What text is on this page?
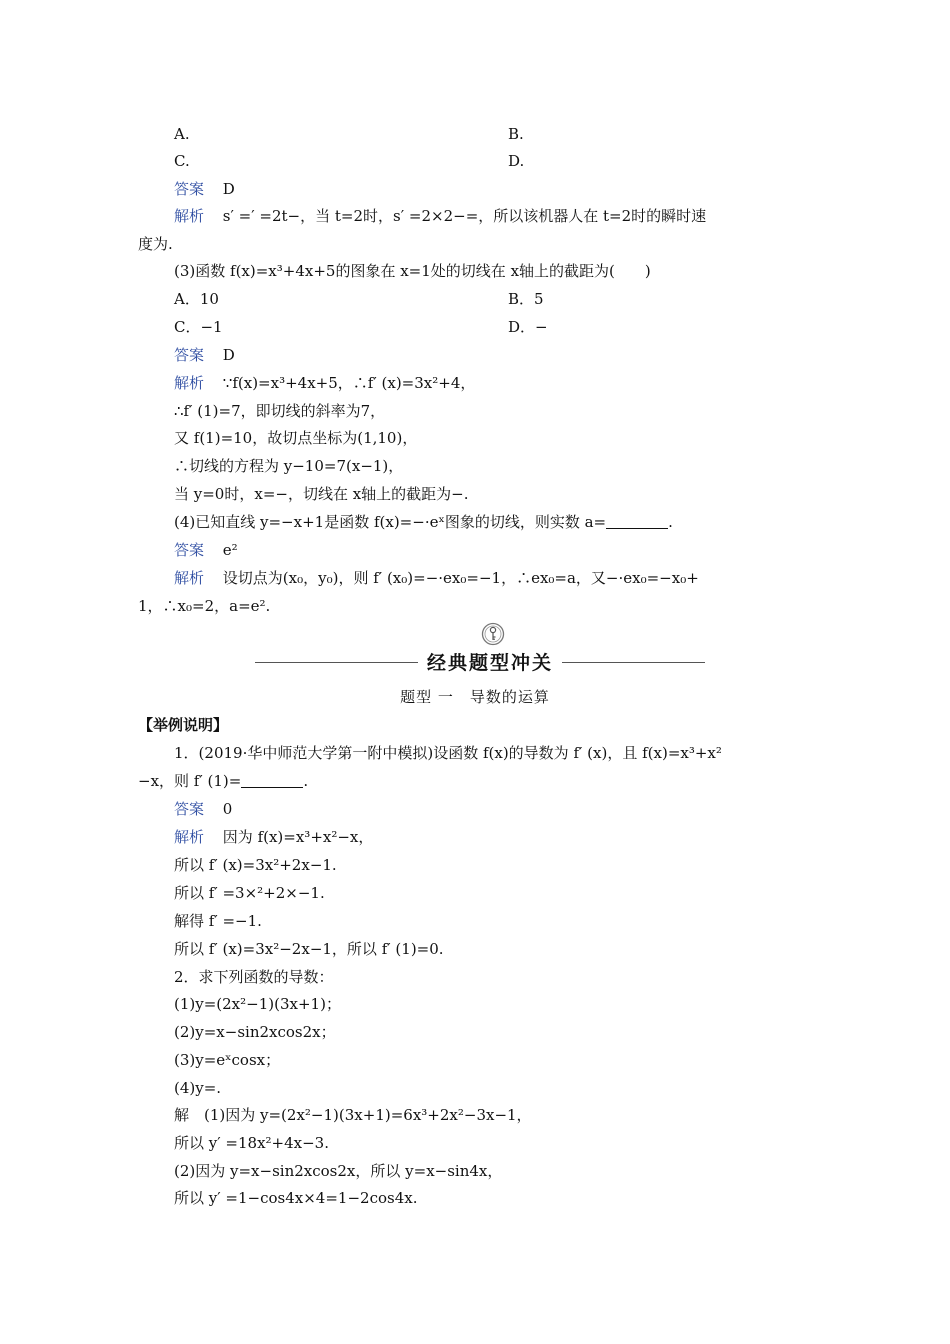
A.	B.
C.	D.
答案 D
解析 s′ =′ =2t−，当 t=2时，s′ =2×2−=，所以该机器人在 t=2时的瞬时速
度为.
(3)函数 f(x)=x³+4x+5的图象在 x=1处的切线在 x轴上的截距为(　　)
A．10	B．5
C．−1	D．−
答案 D
解析 ∵f(x)=x³+4x+5，∴f′ (x)=3x²+4，
∴f′ (1)=7，即切线的斜率为7，
又 f(1)=10，故切点坐标为(1,10)，
∴切线的方程为 y−10=7(x−1)，
当 y=0时，x=−，切线在 x轴上的截距为−.
(4)已知直线 y=−x+1是函数 f(x)=−·eˣ图象的切线，则实数 a=	.
答案 e²
解析 设切点为(x₀，y₀)，则 f′ (x₀)=−·ex₀=−1，∴ex₀=a，又−·ex₀=−x₀+
1，∴x₀=2，a=e².
经典题型冲关
题型 一　导数的运算
【举例说明】
1．(2019·华中师范大学第一附中模拟)设函数 f(x)的导数为 f′ (x)，且 f(x)=x³+x²
−x，则 f′ (1)=	.
答案 0
解析 因为 f(x)=x³+x²−x，
所以 f′ (x)=3x²+2x−1.
所以 f′ =3×²+2×−1.
解得 f′ =−1.
所以 f′ (x)=3x²−2x−1，所以 f′ (1)=0.
2．求下列函数的导数：
(1)y=(2x²−1)(3x+1)；
(2)y=x−sin2xcos2x；
(3)y=eˣcosx；
(4)y=.
解　(1)因为 y=(2x²−1)(3x+1)=6x³+2x²−3x−1，
所以 y′ =18x²+4x−3.
(2)因为 y=x−sin2xcos2x，所以 y=x−sin4x，
所以 y′ =1−cos4x×4=1−2cos4x.
